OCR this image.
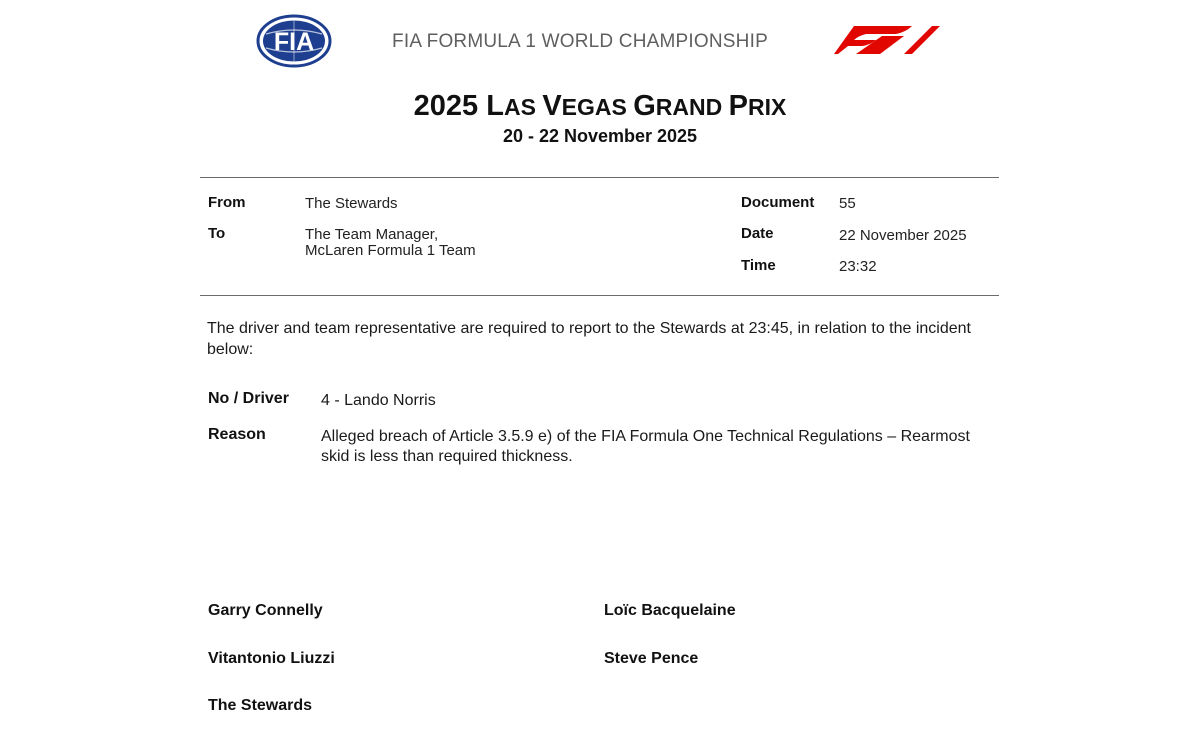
FIA	FIA FORMULA 1 WORLD CHAMPIONSHIP
2025 LAS VEGAS GRAND PRIX
20 - 22 November 2025
From	The Stewards
To	The Team Manager,
McLaren Formula 1 Team
Document 55
Date	22 November 2025
Time	23:32
The driver and team representative are required to report to the Stewards at 23:45, in relation to the incident below:
No / Driver 4 - Lando Norris
Reason	Alleged breach of Article 3.5.9 e) of the FIA Formula One Technical Regulations – Rearmost skid is less than required thickness.
Garry Connelly	Loïc Bacquelaine
Vitantonio Liuzzi	Steve Pence
The Stewards
